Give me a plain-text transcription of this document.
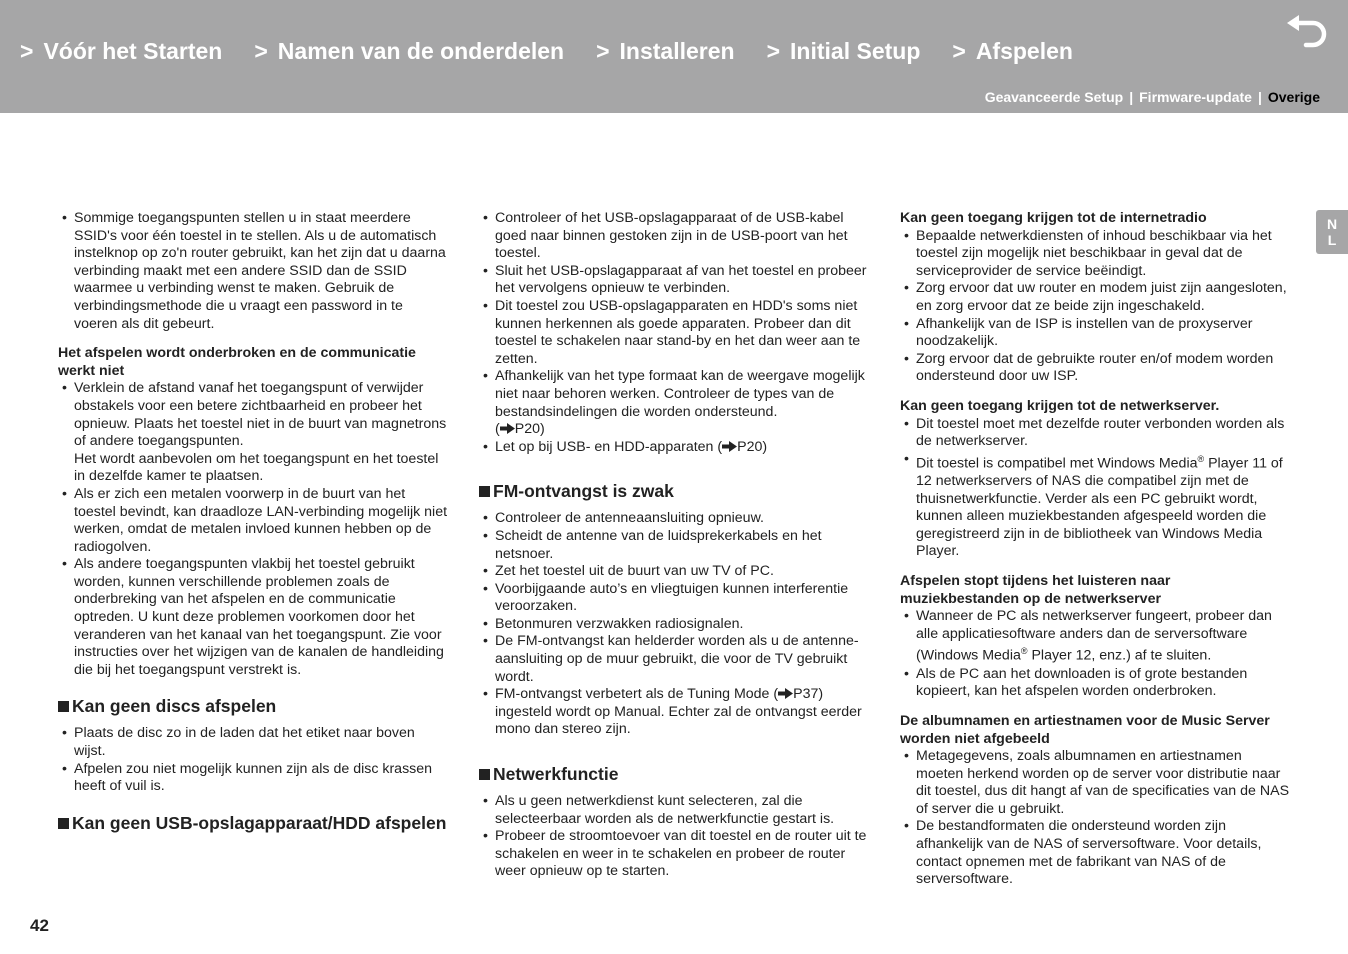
> Vóór het Starten > Namen van de onderdelen > Installeren > Initial Setup > Afspelen
Geavanceerde Setup | Firmware-update | Overige
• Sommige toegangspunten stellen u in staat meerdere SSID's voor één toestel in te stellen. Als u de automatisch instelknop op zo'n router gebruikt, kan het zijn dat u daarna verbinding maakt met een andere SSID dan de SSID waarmee u verbinding wenst te maken. Gebruik de verbindingsmethode die u vraagt een password in te voeren als dit gebeurt.
Het afspelen wordt onderbroken en de communicatie werkt niet
• Verklein de afstand vanaf het toegangspunt of verwijder obstakels voor een betere zichtbaarheid en probeer het opnieuw. Plaats het toestel niet in de buurt van magnetrons of andere toegangspunten.
Het wordt aanbevolen om het toegangspunt en het toestel in dezelfde kamer te plaatsen.
• Als er zich een metalen voorwerp in de buurt van het toestel bevindt, kan draadloze LAN-verbinding mogelijk niet werken, omdat de metalen invloed kunnen hebben op de radiogolven.
• Als andere toegangspunten vlakbij het toestel gebruikt worden, kunnen verschillende problemen zoals de onderbreking van het afspelen en de communicatie optreden. U kunt deze problemen voorkomen door het veranderen van het kanaal van het toegangspunt. Zie voor instructies over het wijzigen van de kanalen de handleiding die bij het toegangspunt verstrekt is.
Kan geen discs afspelen
• Plaats de disc zo in de laden dat het etiket naar boven wijst.
• Afpelen zou niet mogelijk kunnen zijn als de disc krassen heeft of vuil is.
Kan geen USB-opslagapparaat/HDD afspelen
• Controleer of het USB-opslagapparaat of de USB-kabel goed naar binnen gestoken zijn in de USB-poort van het toestel.
• Sluit het USB-opslagapparaat af van het toestel en probeer het vervolgens opnieuw te verbinden.
• Dit toestel zou USB-opslagapparaten en HDD's soms niet kunnen herkennen als goede apparaten. Probeer dan dit toestel te schakelen naar stand-by en het dan weer aan te zetten.
• Afhankelijk van het type formaat kan de weergave mogelijk niet naar behoren werken. Controleer de types van de bestandsindelingen die worden ondersteund.
( P20)
• Let op bij USB- en HDD-apparaten ( P20)
FM-ontvangst is zwak
• Controleer de antenneaansluiting opnieuw.
• Scheidt de antenne van de luidsprekerkabels en het netsnoer.
• Zet het toestel uit de buurt van uw TV of PC.
• Voorbijgaande auto’s en vliegtuigen kunnen interferentie veroorzaken.
• Betonmuren verzwakken radiosignalen.
• De FM-ontvangst kan helderder worden als u de antenne-aansluiting op de muur gebruikt, die voor de TV gebruikt wordt.
• FM-ontvangst verbetert als de Tuning Mode ( P37) ingesteld wordt op Manual. Echter zal de ontvangst eerder mono dan stereo zijn.
Netwerkfunctie
• Als u geen netwerkdienst kunt selecteren, zal die selecteerbaar worden als de netwerkfunctie gestart is.
• Probeer de stroomtoevoer van dit toestel en de router uit te schakelen en weer in te schakelen en probeer de router weer opnieuw op te starten.
Kan geen toegang krijgen tot de internetradio
• Bepaalde netwerkdiensten of inhoud beschikbaar via het toestel zijn mogelijk niet beschikbaar in geval dat de serviceprovider de service beëindigt.
• Zorg ervoor dat uw router en modem juist zijn aangesloten, en zorg ervoor dat ze beide zijn ingeschakeld.
• Afhankelijk van de ISP is instellen van de proxyserver noodzakelijk.
• Zorg ervoor dat de gebruikte router en/of modem worden ondersteund door uw ISP.
Kan geen toegang krijgen tot de netwerkserver.
• Dit toestel moet met dezelfde router verbonden worden als de netwerkserver.
• Dit toestel is compatibel met Windows Media® Player 11 of 12 netwerkservers of NAS die compatibel zijn met de thuisnetwerkfunctie. Verder als een PC gebruikt wordt, kunnen alleen muziekbestanden afgespeeld worden die geregistreerd zijn in de bibliotheek van Windows Media Player.
Afspelen stopt tijdens het luisteren naar muziekbestanden op de netwerkserver
• Wanneer de PC als netwerkserver fungeert, probeer dan alle applicatiesoftware anders dan de serversoftware (Windows Media® Player 12, enz.) af te sluiten.
• Als de PC aan het downloaden is of grote bestanden kopieert, kan het afspelen worden onderbroken.
De albumnamen en artiestnamen voor de Music Server worden niet afgebeeld
• Metagegevens, zoals albumnamen en artiestnamen moeten herkend worden op de server voor distributie naar dit toestel, dus dit hangt af van de specificaties van de NAS of server die u gebruikt.
• De bestandformaten die ondersteund worden zijn afhankelijk van de NAS of serversoftware. Voor details, contact opnemen met de fabrikant van NAS of de serversoftware.
N
L
42
